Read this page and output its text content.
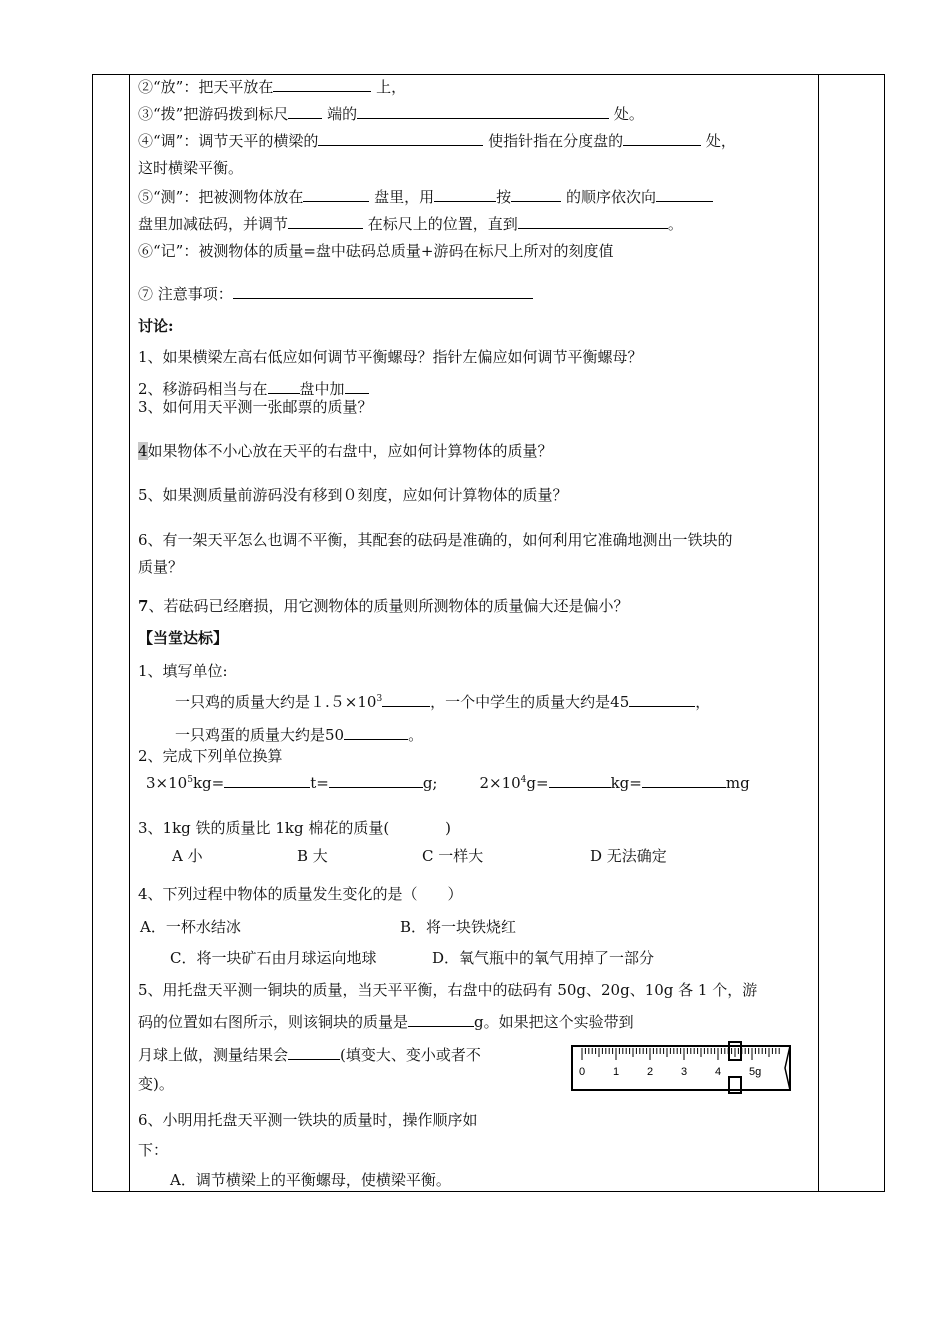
②“放”：把天平放在	上，
③“拨”把游码拨到标尺	端的	处。
④“调”：调节天平的横梁的	使指针指在分度盘的	处，
这时横梁平衡。
⑤“测”：把被测物体放在	盘里，用	按	的顺序依次向
盘里加减砝码，并调节	在标尺上的位置，直到	。
⑥“记”：被测物体的质量=盘中砝码总质量+游码在标尺上所对的刻度值
⑦ 注意事项：
讨论:
1、如果横梁左高右低应如何调节平衡螺母？指针左偏应如何调节平衡螺母？
2、移游码相当与在 盘中加
3、如何用天平测一张邮票的质量？
4如果物体不小心放在天平的右盘中，应如何计算物体的质量？
5、如果测质量前游码没有移到０刻度，应如何计算物体的质量？
6、有一架天平怎么也调不平衡，其配套的砝码是准确的，如何利用它准确地测出一铁块的
质量？
7、若砝码已经磨损，用它测物体的质量则所测物体的质量偏大还是偏小？
【当堂达标】
1、填写单位:
一只鸡的质量大约是$1.5\times 10^3$	，一个中学生的质量大约是45	，
一只鸡蛋的质量大约是50	。
2、完成下列单位换算
$3\times 10^5kg=$	t=	g;	$2\times 10^4g=$	kg=	mg
3、1kg 铁的质量比 1kg 棉花的质量(	)
A 小	B 大	C 一样大	D 无法确定
4、下列过程中物体的质量发生变化的是（ ）
A．一杯水结冰	B．将一块铁烧红
C．将一块矿石由月球运向地球	D．氧气瓶中的氧气用掉了一部分
5、用托盘天平测一铜块的质量，当天平平衡，右盘中的砝码有 50g、20g、10g 各 1 个，游
码的位置如右图所示，则该铜块的质量是	g。如果把这个实验带到
月球上做，测量结果会	(填变大、变小或者不
变)。
6、小明用托盘天平测一铁块的质量时，操作顺序如
下：
A．调节横梁上的平衡螺母，使横梁平衡。
0	1	2	3	4	5g
